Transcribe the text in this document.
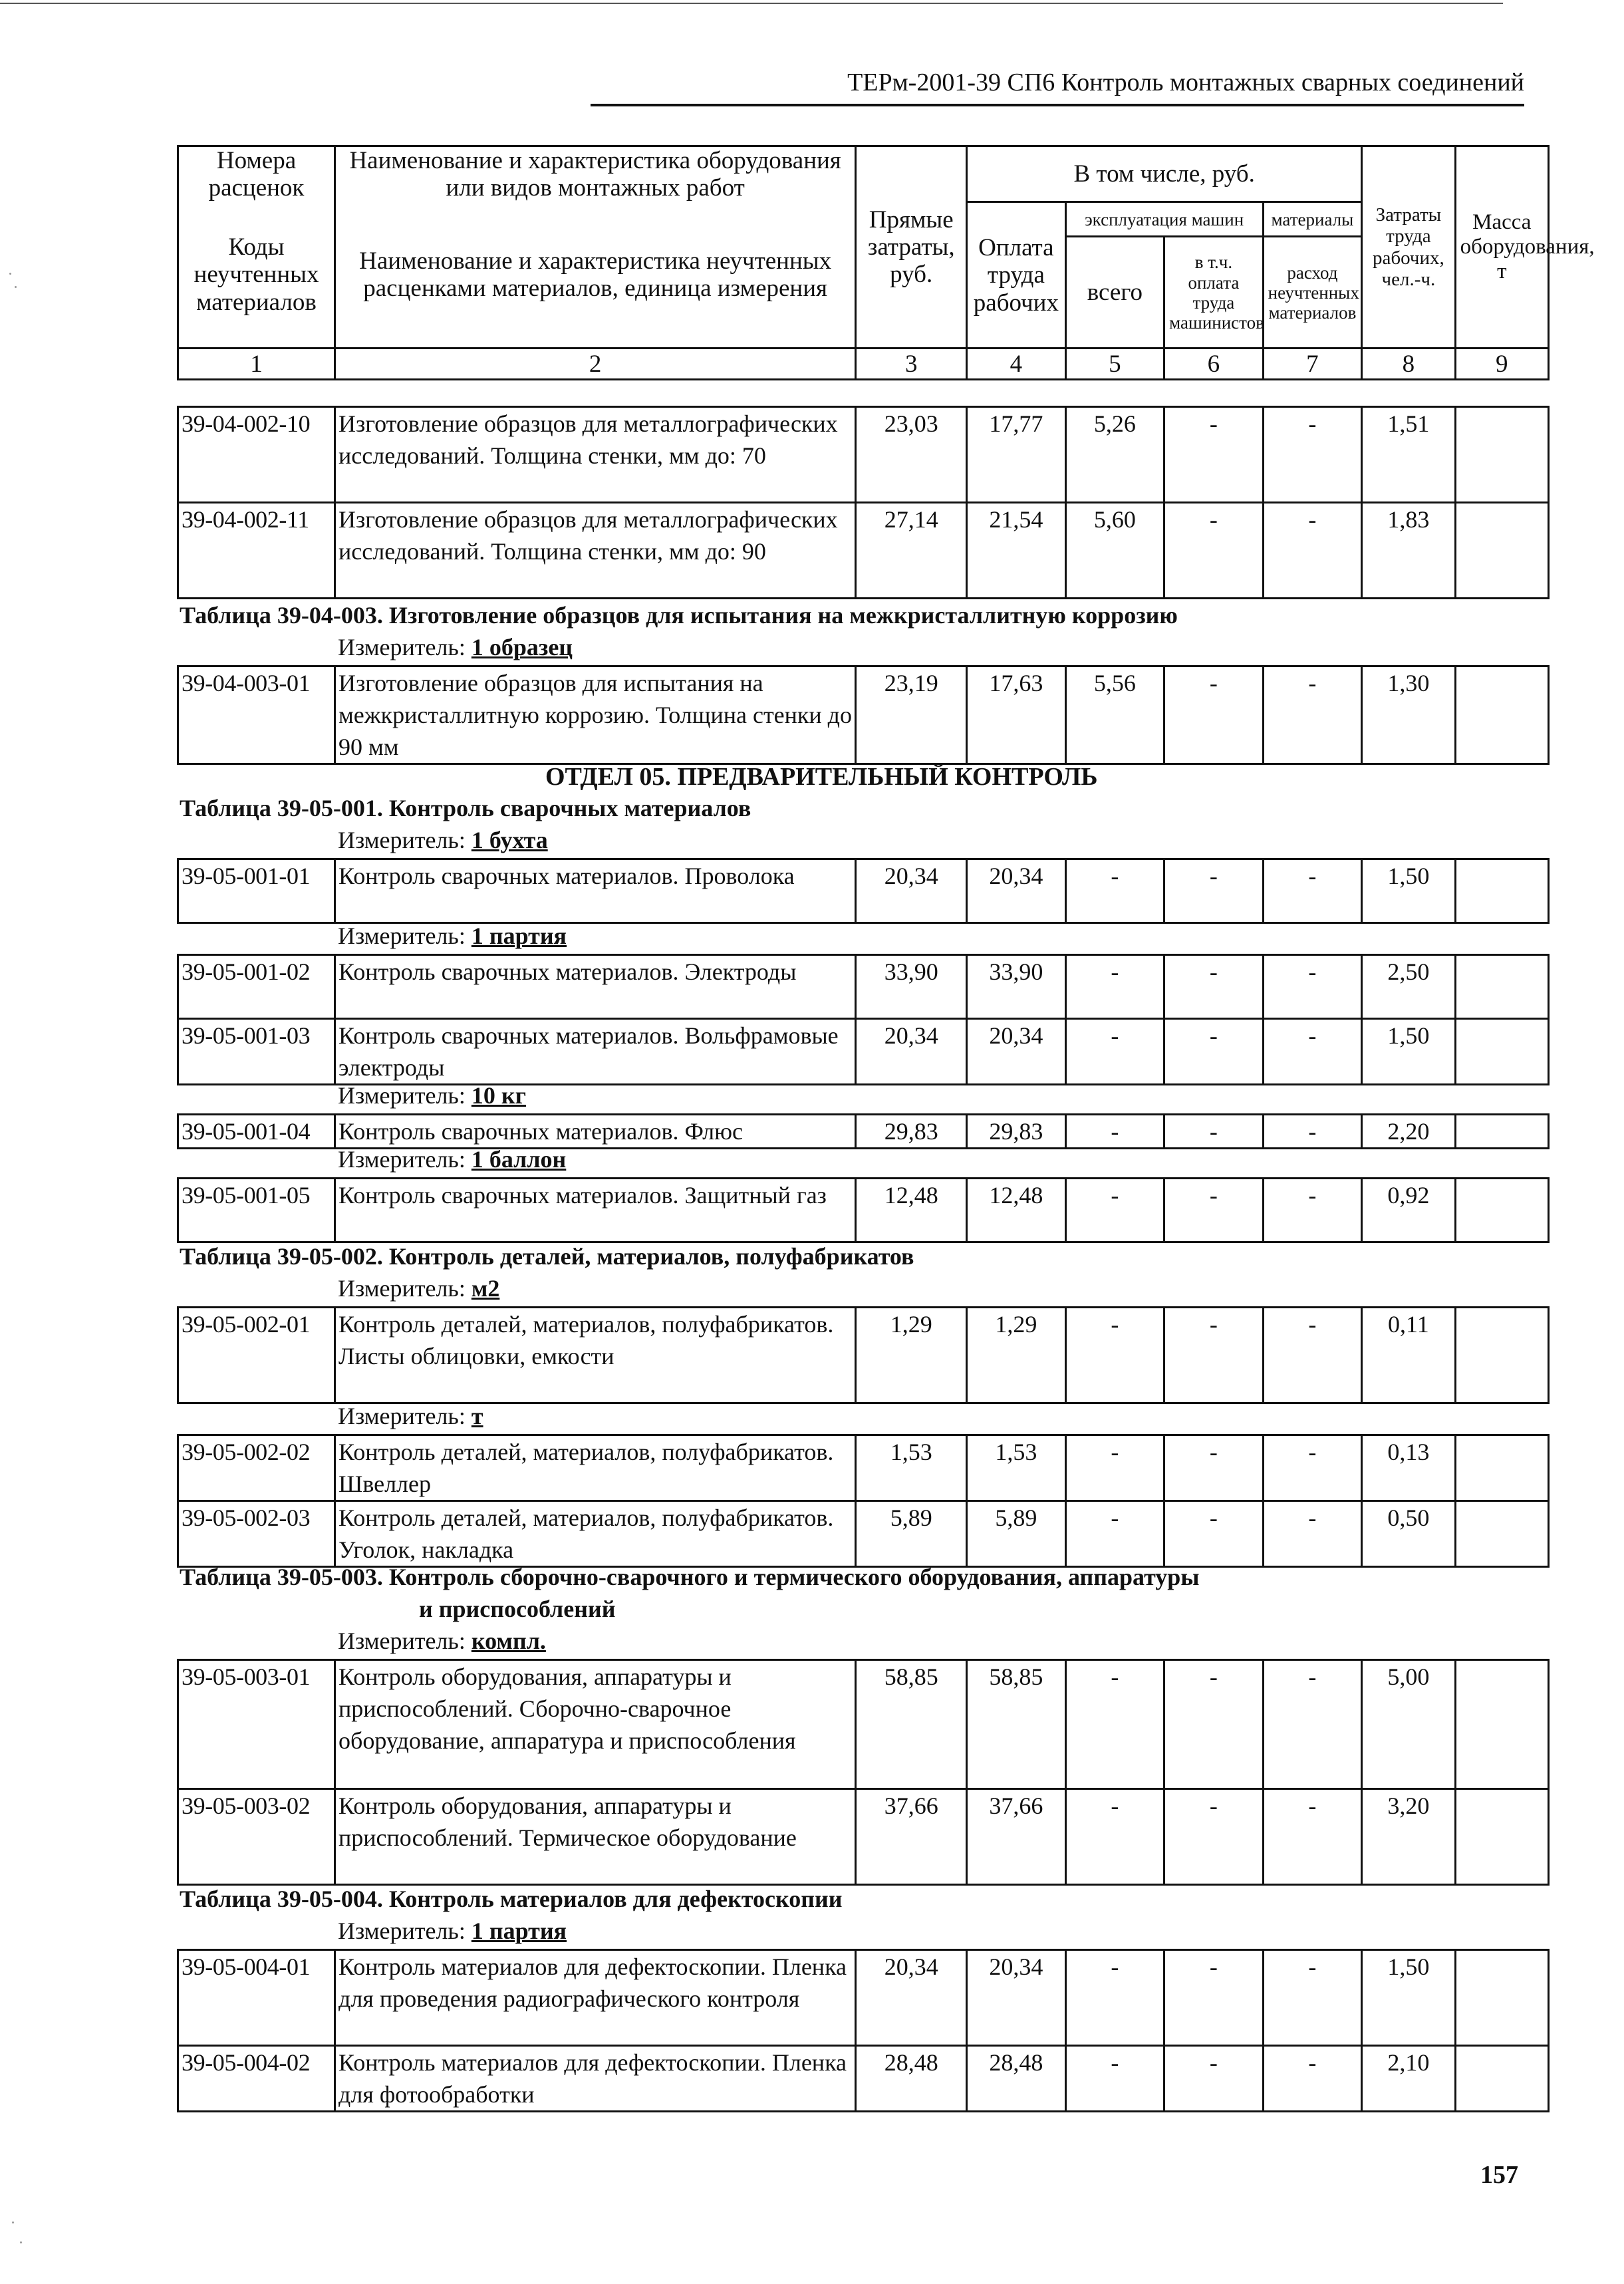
ТЕРм-2001-39 СП6 Контроль монтажных сварных соединений
Номера расценок	Наименование и характеристика оборудования или видов монтажных работ	Прямые затраты, руб.	В том числе, руб.				Затраты труда рабочих, чел.-ч.	Масса оборудования, т
Коды неучтенных материалов	Наименование и характеристика неучтенных расценками материалов, единица измерения		Оплата труда рабочих	эксплуатация машин		материалы		
				всего	в т.ч. оплата труда машинистов	расход неучтенных материалов		
1	2	3	4	5	6	7	8	9
39-04-002-10	Изготовление образцов для металлографических исследований. Толщина стенки, мм до: 70	23,03	17,77	5,26	-	-	1,51	
39-04-002-11	Изготовление образцов для металлографических исследований. Толщина стенки, мм до: 90	27,14	21,54	5,60	-	-	1,83	
Таблица 39-04-003. Изготовление образцов для испытания на межкристаллитную коррозию
Измеритель: 1 образец
39-04-003-01	Изготовление образцов для испытания на межкристаллитную коррозию. Толщина стенки до 90 мм	23,19	17,63	5,56	-	-	1,30	
ОТДЕЛ 05. ПРЕДВАРИТЕЛЬНЫЙ КОНТРОЛЬ
Таблица 39-05-001. Контроль сварочных материалов
Измеритель: 1 бухта
39-05-001-01	Контроль сварочных материалов. Проволока	20,34	20,34	-	-	-	1,50	
Измеритель: 1 партия
39-05-001-02	Контроль сварочных материалов. Электроды	33,90	33,90	-	-	-	2,50	
39-05-001-03	Контроль сварочных материалов. Вольфрамовые электроды	20,34	20,34	-	-	-	1,50	
Измеритель: 10 кг
39-05-001-04	Контроль сварочных материалов. Флюс	29,83	29,83	-	-	-	2,20	
Измеритель: 1 баллон
39-05-001-05	Контроль сварочных материалов. Защитный газ	12,48	12,48	-	-	-	0,92	
Таблица 39-05-002. Контроль деталей, материалов, полуфабрикатов
Измеритель: м2
39-05-002-01	Контроль деталей, материалов, полуфабрикатов. Листы облицовки, емкости	1,29	1,29	-	-	-	0,11	
Измеритель: т
39-05-002-02	Контроль деталей, материалов, полуфабрикатов. Швеллер	1,53	1,53	-	-	-	0,13	
39-05-002-03	Контроль деталей, материалов, полуфабрикатов. Уголок, накладка	5,89	5,89	-	-	-	0,50	
Таблица 39-05-003. Контроль сборочно-сварочного и термического оборудования, аппаратуры
и приспособлений
Измеритель: компл.
39-05-003-01	Контроль оборудования, аппаратуры и приспособлений. Сборочно-сварочное оборудование, аппаратура и приспособления	58,85	58,85	-	-	-	5,00	
39-05-003-02	Контроль оборудования, аппаратуры и приспособлений. Термическое оборудование	37,66	37,66	-	-	-	3,20	
Таблица 39-05-004. Контроль материалов для дефектоскопии
Измеритель: 1 партия
39-05-004-01	Контроль материалов для дефектоскопии. Пленка для проведения радиографического контроля	20,34	20,34	-	-	-	1,50	
39-05-004-02	Контроль материалов для дефектоскопии. Пленка для фотообработки	28,48	28,48	-	-	-	2,10	
157
